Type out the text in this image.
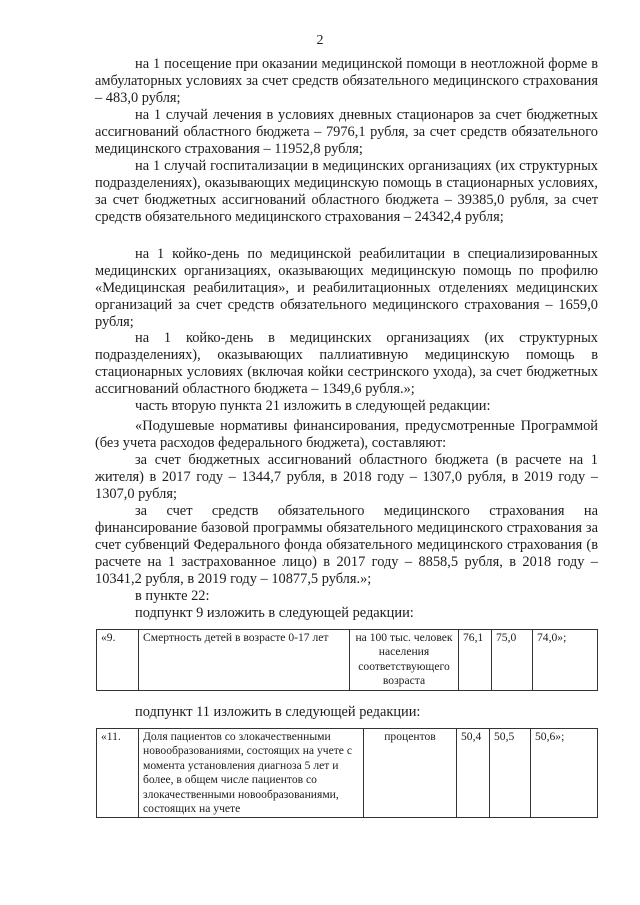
2

на 1 посещение при оказании медицинской помощи в неотложной форме в амбулаторных условиях за счет средств обязательного медицинского страхования – 483,0 рубля;

на 1 случай лечения в условиях дневных стационаров за счет бюджетных ассигнований областного бюджета – 7976,1 рубля, за счет средств обязательного медицинского страхования – 11952,8 рубля;

на 1 случай госпитализации в медицинских организациях (их структурных подразделениях), оказывающих медицинскую помощь в стационарных условиях, за счет бюджетных ассигнований областного бюджета – 39385,0 рубля, за счет средств обязательного медицинского страхования – 24342,4 рубля;

на 1 койко-день по медицинской реабилитации в специализированных медицинских организациях, оказывающих медицинскую помощь по профилю «Медицинская реабилитация», и реабилитационных отделениях медицинских организаций за счет средств обязательного медицинского страхования – 1659,0 рубля;

на 1 койко-день в медицинских организациях (их структурных подразделениях), оказывающих паллиативную медицинскую помощь в стационарных условиях (включая койки сестринского ухода), за счет бюджетных ассигнований областного бюджета – 1349,6 рубля.»;

часть вторую пункта 21 изложить в следующей редакции:

«Подушевые нормативы финансирования, предусмотренные Программой (без учета расходов федерального бюджета), составляют:

за счет бюджетных ассигнований областного бюджета (в расчете на 1 жителя) в 2017 году – 1344,7 рубля, в 2018 году – 1307,0 рубля, в 2019 году – 1307,0 рубля;

за счет средств обязательного медицинского страхования на финансирование базовой программы обязательного медицинского страхования за счет субвенций Федерального фонда обязательного медицинского страхования (в расчете на 1 застрахованное лицо) в 2017 году – 8858,5 рубля, в 2018 году – 10341,2 рубля, в 2019 году – 10877,5 рубля.»;

в пункте 22:

подпункт 9 изложить в следующей редакции:

«9.	Смертность детей в возрасте 0-17 лет	на 100 тыс. человек населения соответствующего возраста	76,1	75,0	74,0»;

подпункт 11 изложить в следующей редакции:

«11.	Доля пациентов со злокачественными новообразованиями, состоящих на учете с момента установления диагноза 5 лет и более, в общем числе пациентов со злокачественными новообразованиями, состоящих на учете	процентов	50,4	50,5	50,6»;
